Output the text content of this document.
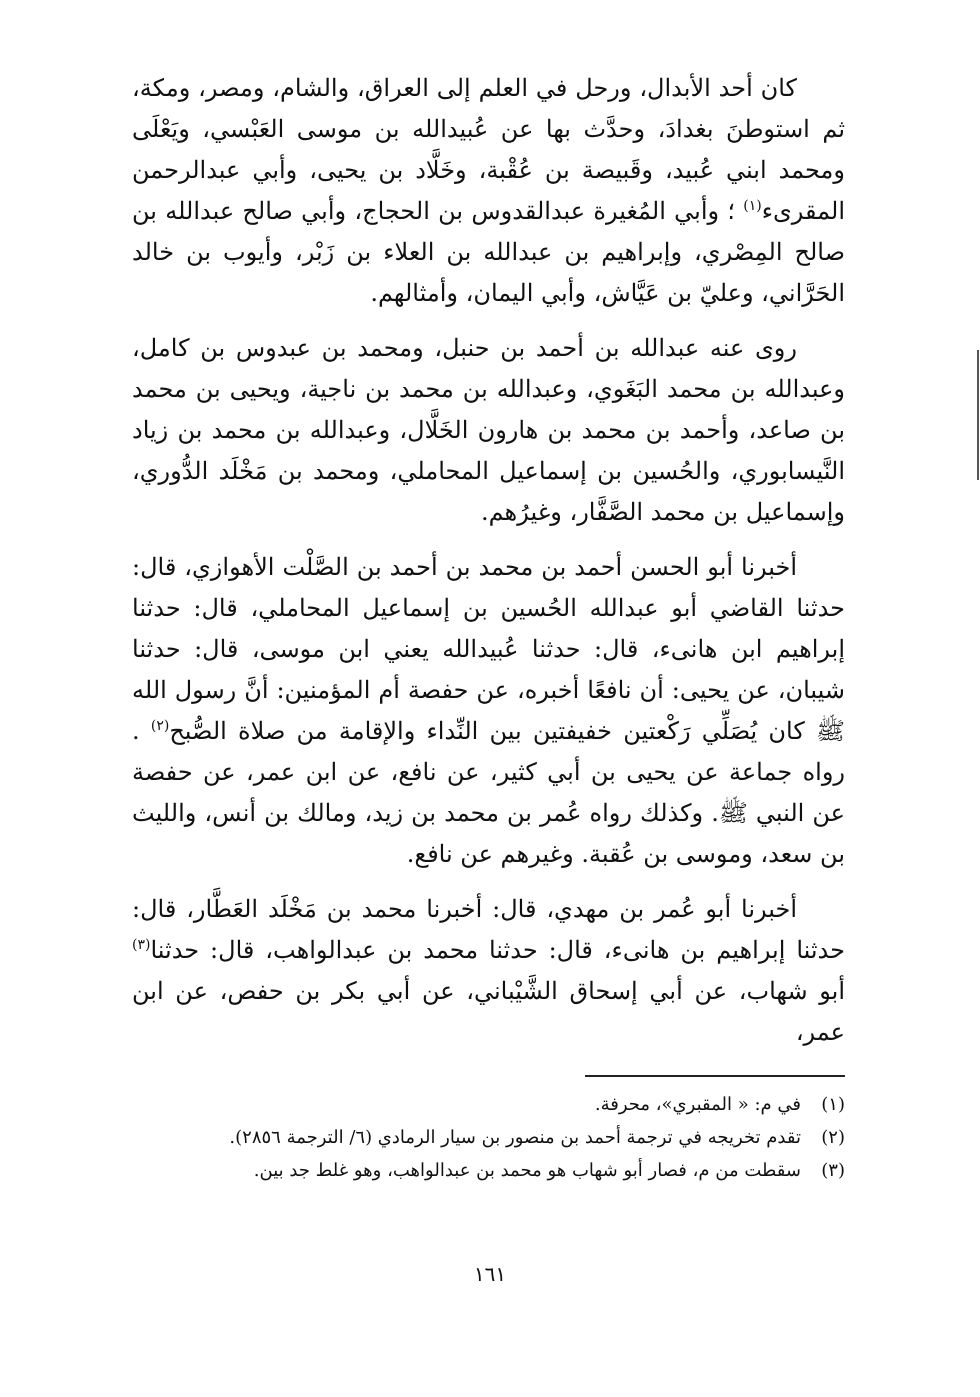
كان أحد الأبدال، ورحل في العلم إلى العراق، والشام، ومصر، ومكة، ثم استوطنَ بغدادَ، وحدَّث بها عن عُبيدالله بن موسى العَبْسي، ويَعْلَى ومحمد ابني عُبيد، وقَبيصة بن عُقْبة، وخَلَّاد بن يحيى، وأبي عبدالرحمن المقرىء$^{(١)}$ ؛ وأبي المُغيرة عبدالقدوس بن الحجاج، وأبي صالح عبدالله بن صالح المِصْري، وإبراهيم بن عبدالله بن العلاء بن زَبْر، وأيوب بن خالد الحَرَّاني، وعليّ بن عَيَّاش، وأبي اليمان، وأمثالهم.

روى عنه عبدالله بن أحمد بن حنبل، ومحمد بن عبدوس بن كامل، وعبدالله بن محمد البَغَوي، وعبدالله بن محمد بن ناجية، ويحيى بن محمد بن صاعد، وأحمد بن محمد بن هارون الخَلَّال، وعبدالله بن محمد بن زياد النَّيسابوري، والحُسين بن إسماعيل المحاملي، ومحمد بن مَخْلَد الدُّوري، وإسماعيل بن محمد الصَّفَّار، وغيرُهم.

أخبرنا أبو الحسن أحمد بن محمد بن أحمد بن الصَّلْت الأهوازي، قال: حدثنا القاضي أبو عبدالله الحُسين بن إسماعيل المحاملي، قال: حدثنا إبراهيم ابن هانىء، قال: حدثنا عُبيدالله يعني ابن موسى، قال: حدثنا شيبان، عن يحيى: أن نافعًا أخبره، عن حفصة أم المؤمنين: أنَّ رسول الله ﷺ كان يُصَلِّي رَكْعتين خفيفتين بين النِّداء والإقامة من صلاة الصُّبح$^{(٢)}$ . رواه جماعة عن يحيى بن أبي كثير، عن نافع، عن ابن عمر، عن حفصة عن النبي ﷺ. وكذلك رواه عُمر بن محمد بن زيد، ومالك بن أنس، والليث بن سعد، وموسى بن عُقبة. وغيرهم عن نافع.

أخبرنا أبو عُمر بن مهدي، قال: أخبرنا محمد بن مَخْلَد العَطَّار، قال: حدثنا إبراهيم بن هانىء، قال: حدثنا محمد بن عبدالواهب، قال: حدثنا$^{(٣)}$ أبو شهاب، عن أبي إسحاق الشَّيْباني، عن أبي بكر بن حفص، عن ابن عمر،

(١)في م: « المقبري»، محرفة.

(٢)تقدم تخريجه في ترجمة أحمد بن منصور بن سيار الرمادي (٦/ الترجمة ٢٨٥٦).

(٣)سقطت من م، فصار أبو شهاب هو محمد بن عبدالواهب، وهو غلط جد بين.

١٦١
